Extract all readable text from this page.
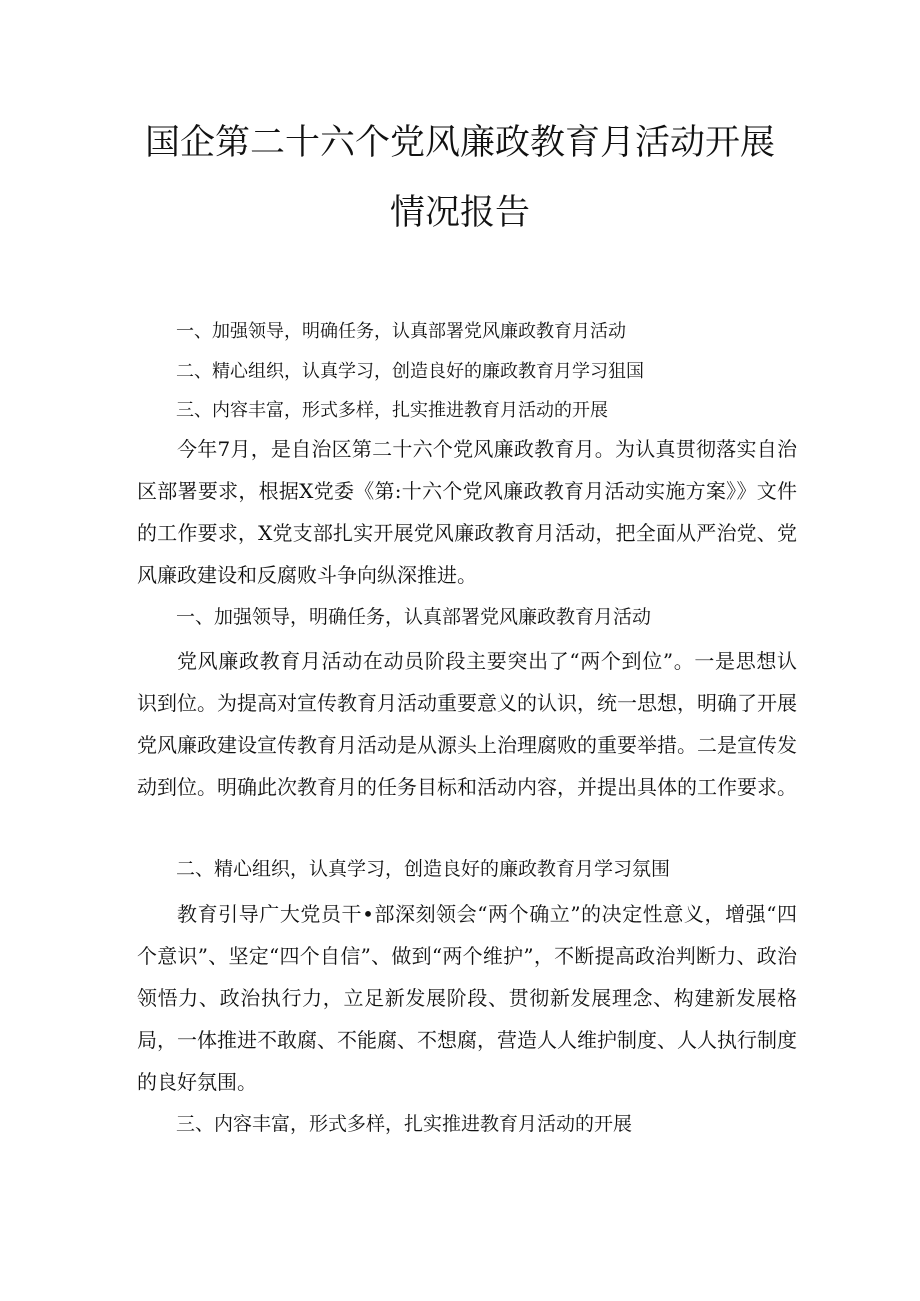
国企第二十六个党风廉政教育月活动开展
情况报告
一、加强领导，明确任务，认真部署党风廉政教育月活动
二、精心组织，认真学习，创造良好的廉政教育月学习狙国
三、内容丰富，形式多样，扎实推进教育月活动的开展

今年7月，是自治区第二十六个党风廉政教育月。为认真贯彻落实自治区部署要求，根据X党委《第:十六个党风廉政教育月活动实施方案》》文件的工作要求，X党支部扎实开展党风廉政教育月活动，把全面从严治党、党风廉政建设和反腐败斗争向纵深推进。

一、加强领导，明确任务，认真部署党风廉政教育月活动

党风廉政教育月活动在动员阶段主要突出了“两个到位”。一是思想认识到位。为提高对宣传教育月活动重要意义的认识，统一思想，明确了开展党风廉政建设宣传教育月活动是从源头上治理腐败的重要举措。二是宣传发动到位。明确此次教育月的任务目标和活动内容，并提出具体的工作要求。

二、精心组织，认真学习，创造良好的廉政教育月学习氛围

教育引导广大党员干•部深刻领会“两个确立”的决定性意义，增强“四个意识”、坚定“四个自信”、做到“两个维护”，不断提高政治判断力、政治领悟力、政治执行力，立足新发展阶段、贯彻新发展理念、构建新发展格局，一体推进不敢腐、不能腐、不想腐，营造人人维护制度、人人执行制度的良好氛围。

三、内容丰富，形式多样，扎实推进教育月活动的开展
